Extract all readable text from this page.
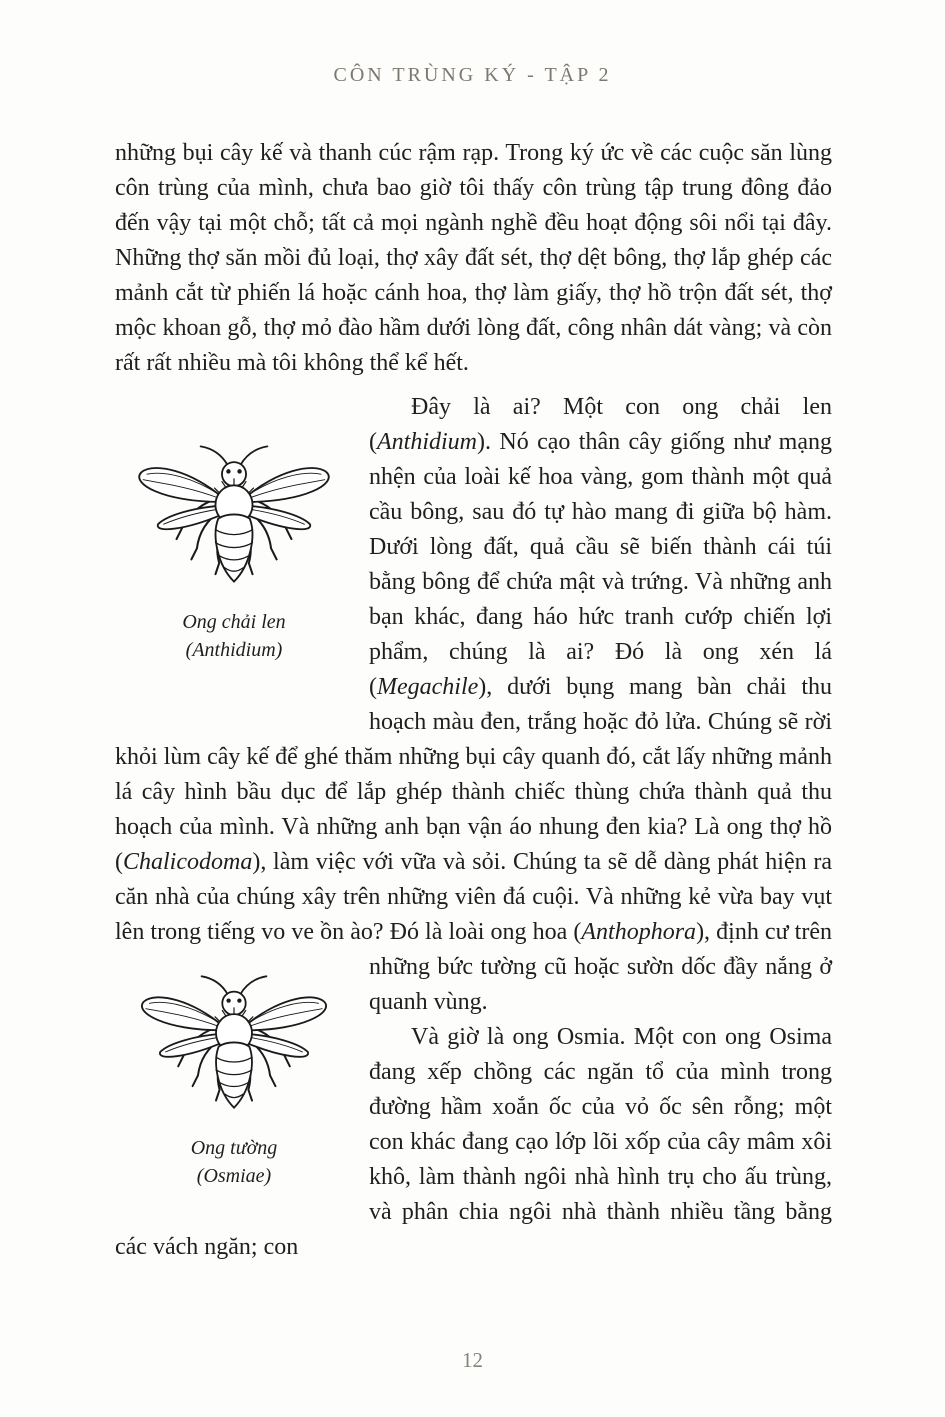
CÔN TRÙNG KÝ - TẬP 2

những bụi cây kế và thanh cúc rậm rạp. Trong ký ức về các cuộc săn lùng côn trùng của mình, chưa bao giờ tôi thấy côn trùng tập trung đông đảo đến vậy tại một chỗ; tất cả mọi ngành nghề đều hoạt động sôi nổi tại đây. Những thợ săn mồi đủ loại, thợ xây đất sét, thợ dệt bông, thợ lắp ghép các mảnh cắt từ phiến lá hoặc cánh hoa, thợ làm giấy, thợ hồ trộn đất sét, thợ mộc khoan gỗ, thợ mỏ đào hầm dưới lòng đất, công nhân dát vàng; và còn rất rất nhiều mà tôi không thể kể hết.

Ong chải len
(Anthidium)
Đây là ai? Một con ong chải len (Anthidium). Nó cạo thân cây giống như mạng nhện của loài kế hoa vàng, gom thành một quả cầu bông, sau đó tự hào mang đi giữa bộ hàm. Dưới lòng đất, quả cầu sẽ biến thành cái túi bằng bông để chứa mật và trứng. Và những anh bạn khác, đang háo hức tranh cướp chiến lợi phẩm, chúng là ai? Đó là ong xén lá (Megachile), dưới bụng mang bàn chải thu hoạch màu đen, trắng hoặc đỏ lửa. Chúng sẽ rời khỏi lùm cây kế để ghé thăm những bụi cây quanh đó, cắt lấy những mảnh lá cây hình bầu dục để lắp ghép thành chiếc thùng chứa thành quả thu hoạch của mình. Và những anh bạn vận áo nhung đen kia? Là ong thợ hồ (Chalicodoma), làm việc với vữa và sỏi. Chúng ta sẽ dễ dàng phát hiện ra căn nhà của chúng xây trên những viên đá cuội. Và những kẻ vừa bay vụt lên trong tiếng vo ve ồn ào? Đó là loài ong hoa (Anthophora), định cư trên những bức tường cũ hoặc sườn dốc đầy
Ong tường
(Osmiae)
nắng ở quanh vùng.

Và giờ là ong Osmia. Một con ong Osima đang xếp chồng các ngăn tổ của mình trong đường hầm xoắn ốc của vỏ ốc sên rỗng; một con khác đang cạo lớp lõi xốp của cây mâm xôi khô, làm thành ngôi nhà hình trụ cho ấu trùng, và phân chia ngôi nhà thành nhiều tầng bằng các vách ngăn; con

12
